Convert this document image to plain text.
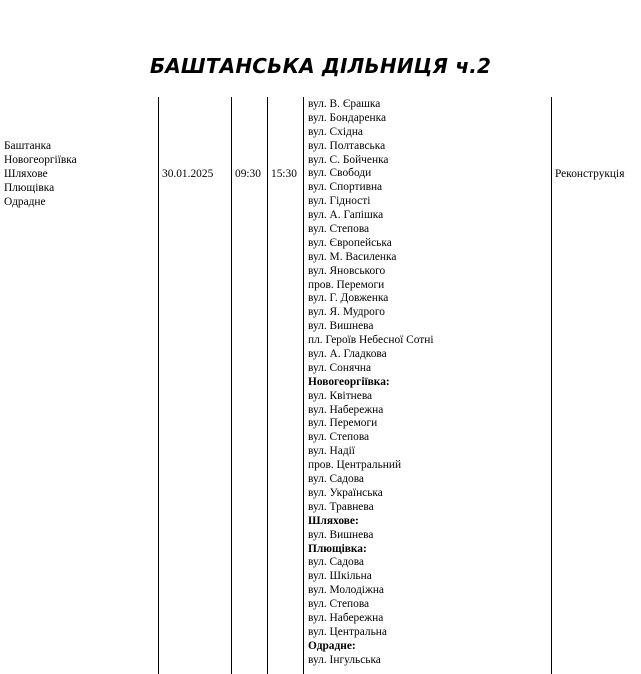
БАШТАНСЬКА ДІЛЬНИЦЯ ч.2
Баштанка
Новогеоргіївка
Шляхове
Плющівка
Одрадне
30.01.2025 09:30 15:30	Реконструкція
вул. В. Єрашка
вул. Бондаренка
вул. Східна
вул. Полтавська
вул. С. Бойченка
вул. Свободи
вул. Спортивна
вул. Гідності
вул. А. Гапішка
вул. Степова
вул. Європейська
вул. М. Василенка
вул. Яновського
пров. Перемоги
вул. Г. Довженка
вул. Я. Мудрого
вул. Вишнева
пл. Героїв Небесної Сотні
вул. А. Гладкова
вул. Сонячна
Новогеоргіївка:
вул. Квітнева
вул. Набережна
вул. Перемоги
вул. Степова
вул. Надії
пров. Центральний
вул. Садова
вул. Українська
вул. Травнева
Шляхове:
вул. Вишнева
Плющівка:
вул. Садова
вул. Шкільна
вул. Молодіжна
вул. Степова
вул. Набережна
вул. Центральна
Одрадне:
вул. Інгульська
